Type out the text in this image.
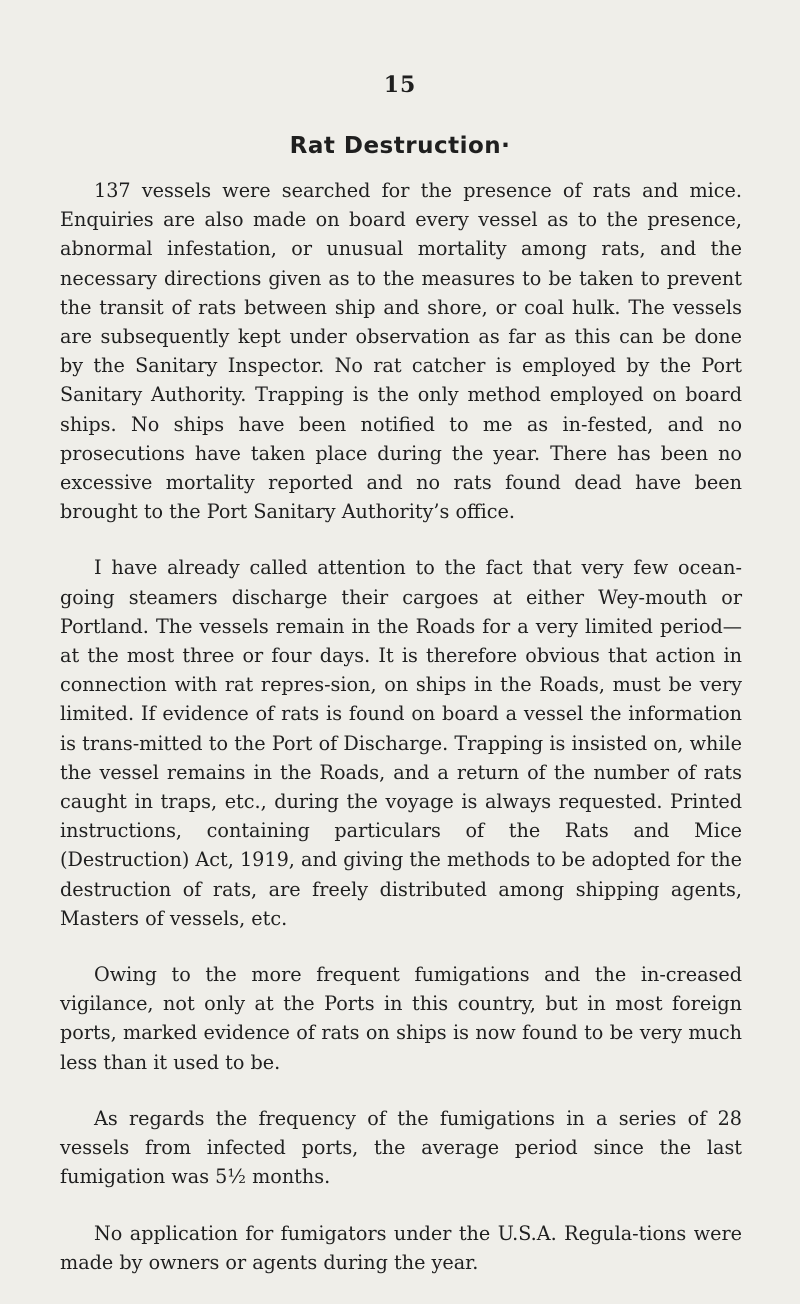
15
Rat Destruction·

137 vessels were searched for the presence of rats and mice. Enquiries are also made on board every vessel as to the presence, abnormal infestation, or unusual mortality among rats, and the necessary directions given as to the measures to be taken to prevent the transit of rats between ship and shore, or coal hulk. The vessels are subsequently kept under observation as far as this can be done by the Sanitary Inspector. No rat catcher is employed by the Port Sanitary Authority. Trapping is the only method employed on board ships. No ships have been notified to me as in-fested, and no prosecutions have taken place during the year. There has been no excessive mortality reported and no rats found dead have been brought to the Port Sanitary Authority’s office.

I have already called attention to the fact that very few ocean-going steamers discharge their cargoes at either Wey-mouth or Portland. The vessels remain in the Roads for a very limited period—at the most three or four days. It is therefore obvious that action in connection with rat repres-sion, on ships in the Roads, must be very limited. If evidence of rats is found on board a vessel the information is trans-mitted to the Port of Discharge. Trapping is insisted on, while the vessel remains in the Roads, and a return of the number of rats caught in traps, etc., during the voyage is always requested. Printed instructions, containing particulars of the Rats and Mice (Destruction) Act, 1919, and giving the methods to be adopted for the destruction of rats, are freely distributed among shipping agents, Masters of vessels, etc.

Owing to the more frequent fumigations and the in-creased vigilance, not only at the Ports in this country, but in most foreign ports, marked evidence of rats on ships is now found to be very much less than it used to be.

As regards the frequency of the fumigations in a series of 28 vessels from infected ports, the average period since the last fumigation was 5½ months.

No application for fumigators under the U.S.A. Regula-tions were made by owners or agents during the year.
